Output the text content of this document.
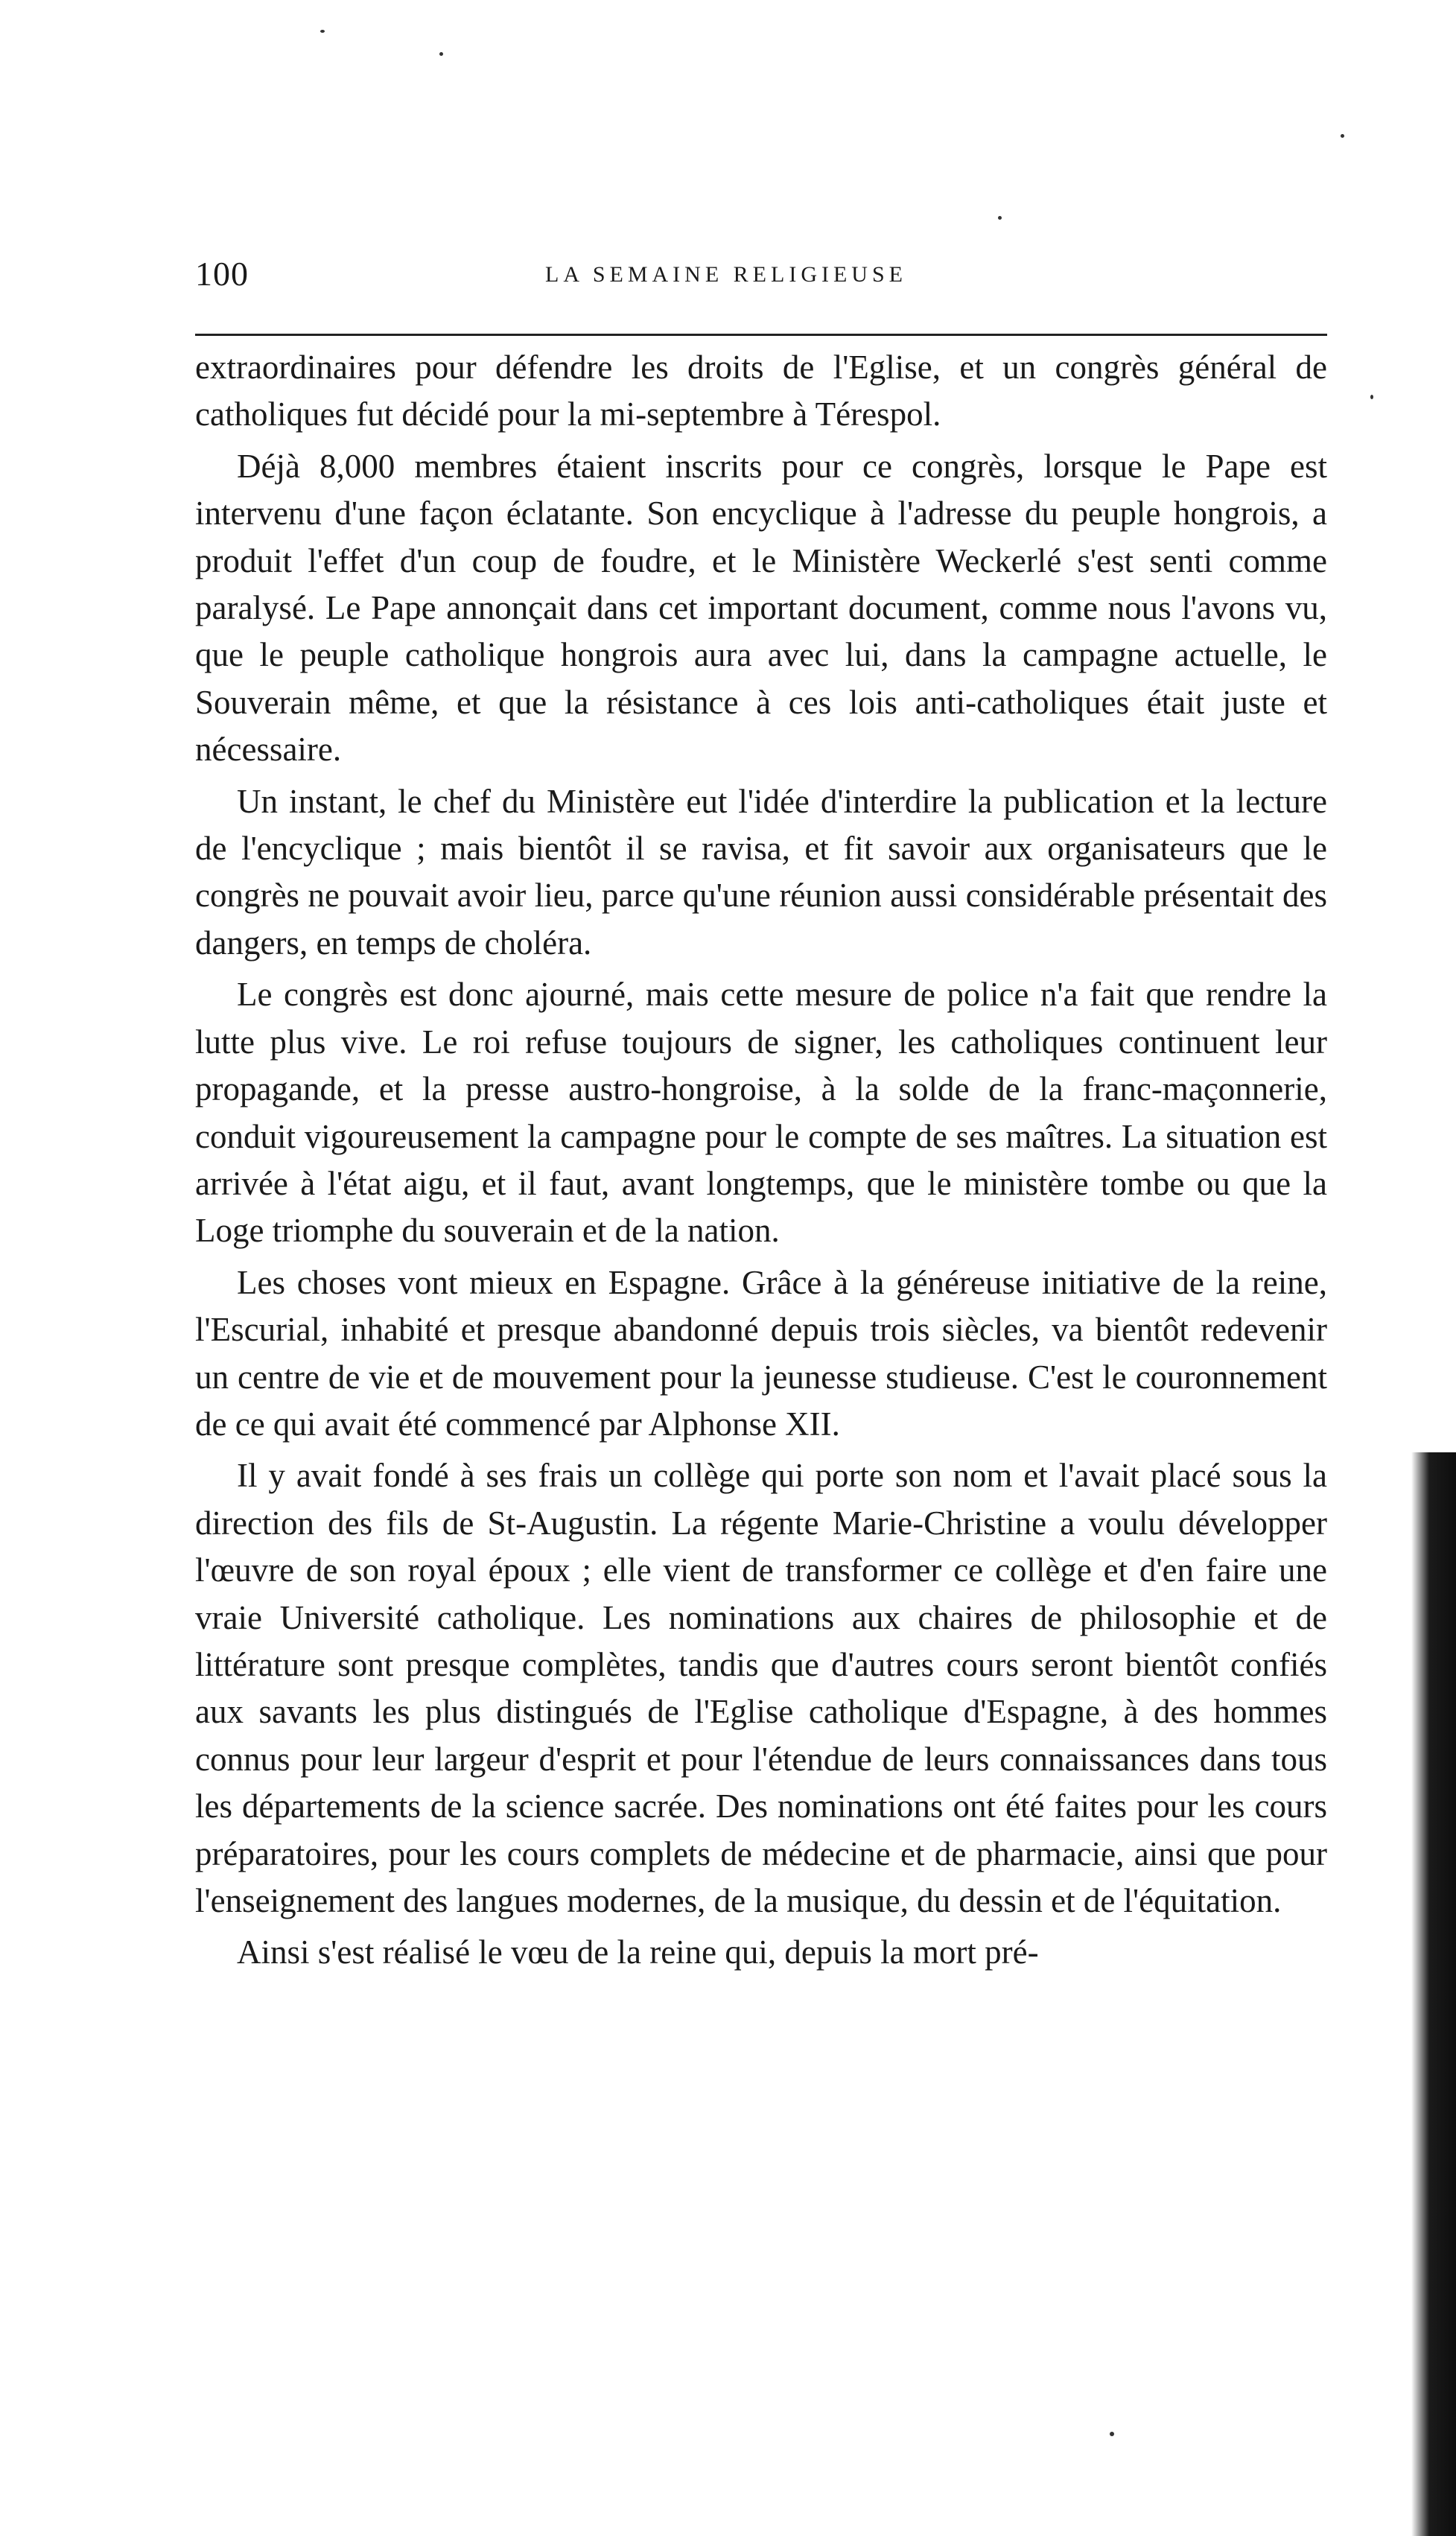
100	LA SEMAINE RELIGIEUSE

extraordinaires pour défendre les droits de l'Eglise, et un congrès général de catholiques fut décidé pour la mi-septembre à Térespol.

Déjà 8,000 membres étaient inscrits pour ce congrès, lorsque le Pape est intervenu d'une façon éclatante. Son encyclique à l'adresse du peuple hongrois, a produit l'effet d'un coup de foudre, et le Ministère Weckerlé s'est senti comme paralysé. Le Pape annonçait dans cet important document, comme nous l'avons vu, que le peuple catholique hongrois aura avec lui, dans la campagne actuelle, le Souverain même, et que la résistance à ces lois anti-catholiques était juste et nécessaire.

Un instant, le chef du Ministère eut l'idée d'interdire la publication et la lecture de l'encyclique ; mais bientôt il se ravisa, et fit savoir aux organisateurs que le congrès ne pouvait avoir lieu, parce qu'une réunion aussi considérable présentait des dangers, en temps de choléra.

Le congrès est donc ajourné, mais cette mesure de police n'a fait que rendre la lutte plus vive. Le roi refuse toujours de signer, les catholiques continuent leur propagande, et la presse austro-hongroise, à la solde de la franc-maçonnerie, conduit vigoureusement la campagne pour le compte de ses maîtres. La situation est arrivée à l'état aigu, et il faut, avant longtemps, que le ministère tombe ou que la Loge triomphe du souverain et de la nation.

Les choses vont mieux en Espagne. Grâce à la généreuse initiative de la reine, l'Escurial, inhabité et presque abandonné depuis trois siècles, va bientôt redevenir un centre de vie et de mouvement pour la jeunesse studieuse. C'est le couronnement de ce qui avait été commencé par Alphonse XII.

Il y avait fondé à ses frais un collège qui porte son nom et l'avait placé sous la direction des fils de St-Augustin. La régente Marie-Christine a voulu développer l'œuvre de son royal époux ; elle vient de transformer ce collège et d'en faire une vraie Université catholique. Les nominations aux chaires de philosophie et de littérature sont presque complètes, tandis que d'autres cours seront bientôt confiés aux savants les plus distingués de l'Eglise catholique d'Espagne, à des hommes connus pour leur largeur d'esprit et pour l'étendue de leurs connaissances dans tous les départements de la science sacrée. Des nominations ont été faites pour les cours préparatoires, pour les cours complets de médecine et de pharmacie, ainsi que pour l'enseignement des langues modernes, de la musique, du dessin et de l'équitation.

Ainsi s'est réalisé le vœu de la reine qui, depuis la mort pré-
